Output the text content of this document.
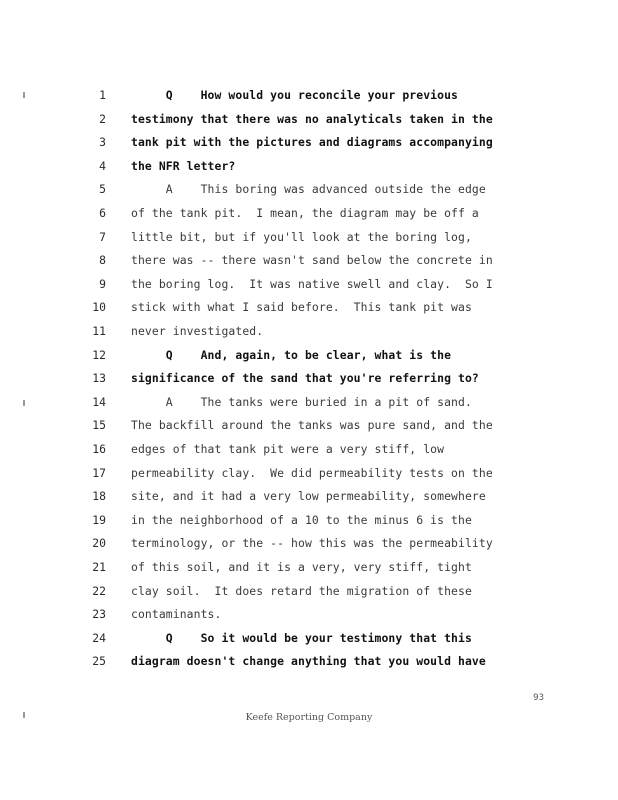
1 Q    How would you reconcile your previous
2 testimony that there was no analyticals taken in the
3 tank pit with the pictures and diagrams accompanying
4 the NFR letter?
5 A    This boring was advanced outside the edge
6 of the tank pit.  I mean, the diagram may be off a
7 little bit, but if you'll look at the boring log,
8 there was -- there wasn't sand below the concrete in
9 the boring log.  It was native swell and clay.  So I
10 stick with what I said before.  This tank pit was
11 never investigated.
12 Q    And, again, to be clear, what is the
13 significance of the sand that you're referring to?
14 A    The tanks were buried in a pit of sand.
15 The backfill around the tanks was pure sand, and the
16 edges of that tank pit were a very stiff, low
17 permeability clay.  We did permeability tests on the
18 site, and it had a very low permeability, somewhere
19 in the neighborhood of a 10 to the minus 6 is the
20 terminology, or the -- how this was the permeability
21 of this soil, and it is a very, very stiff, tight
22 clay soil.  It does retard the migration of these
23 contaminants.
24 Q    So it would be your testimony that this
25 diagram doesn't change anything that you would have
93
Keefe Reporting Company
